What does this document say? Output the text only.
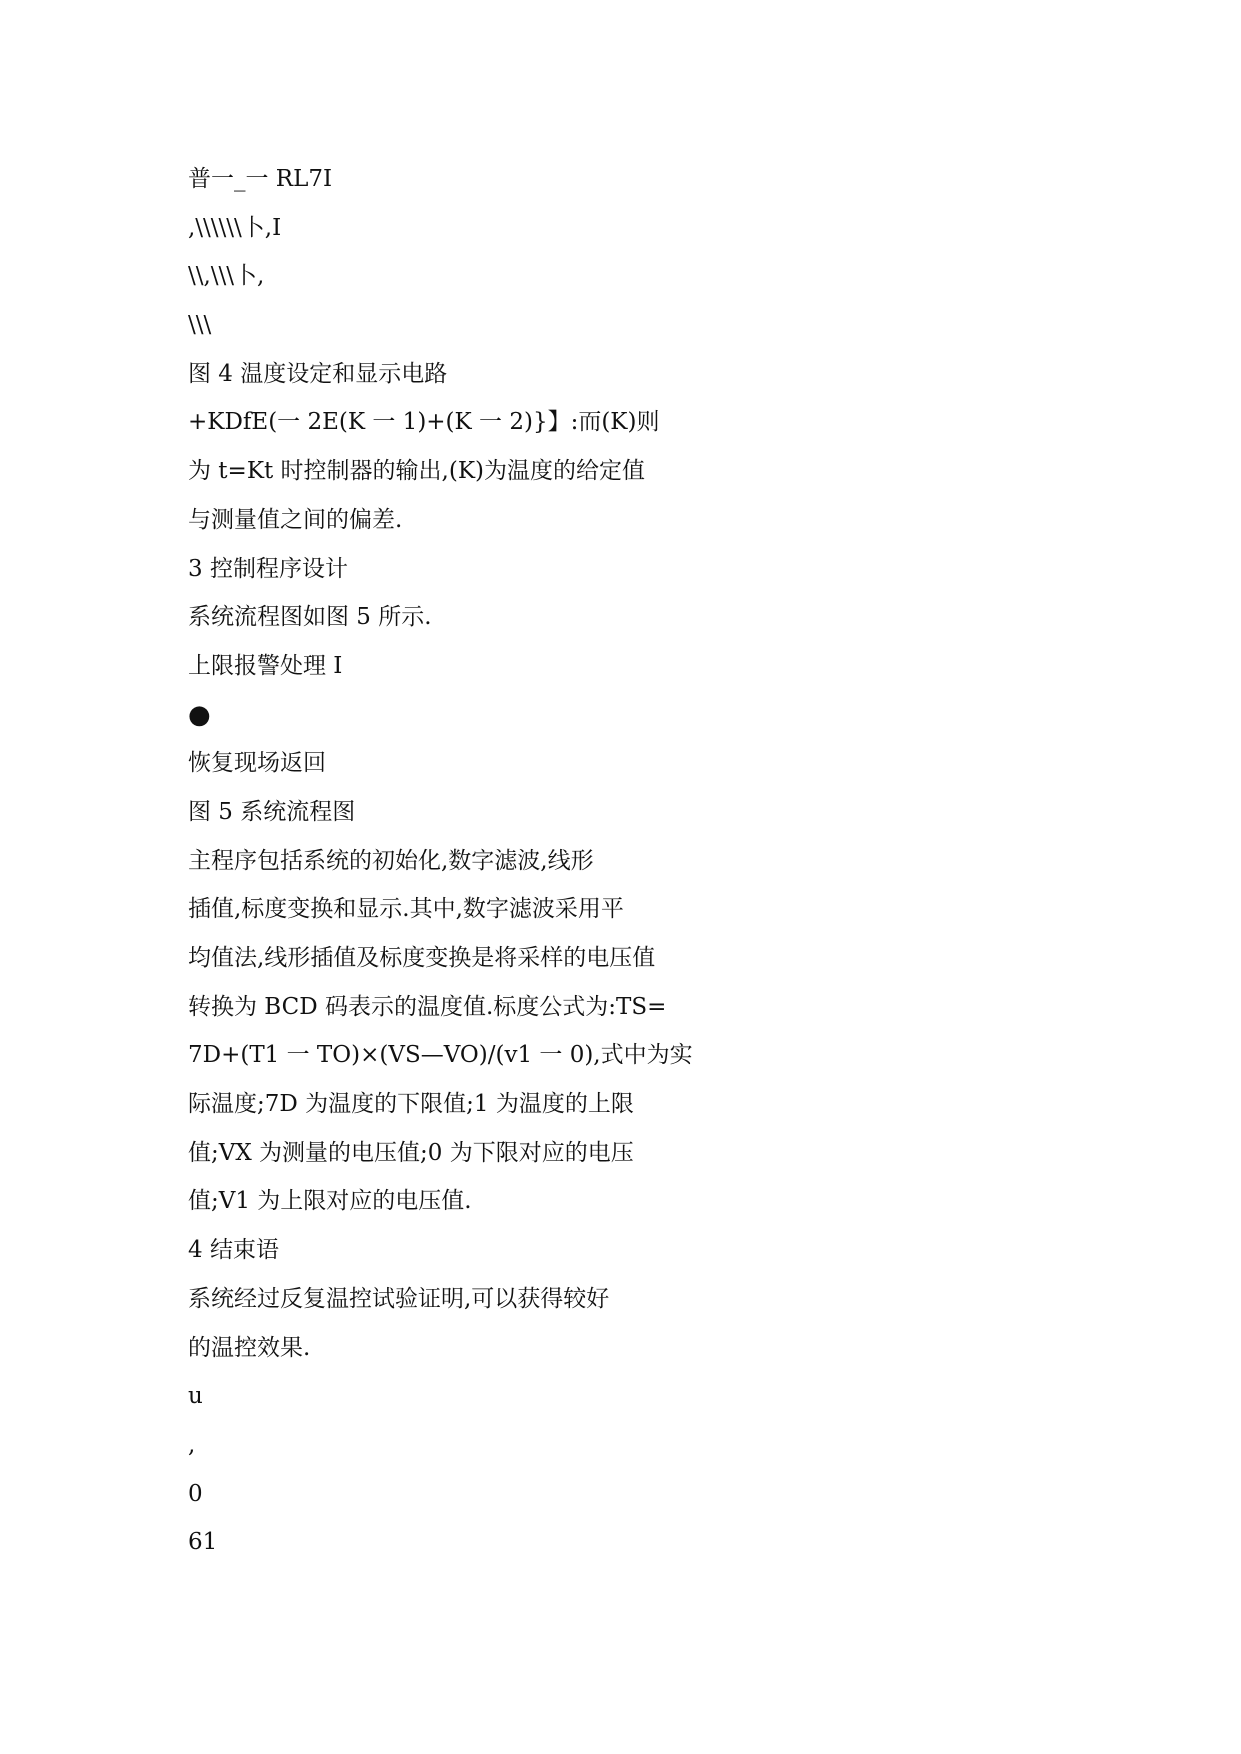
普一_一 RL7I

,\\\\\\卜,I

\\,\\\卜,

\\\

图 4 温度设定和显示电路

+KDfE(一 2E(K 一 1)+(K 一 2)}】:而(K)则

为 t=Kt 时控制器的输出,(K)为温度的给定值

与测量值之间的偏差.

3 控制程序设计

系统流程图如图 5 所示.

上限报警处理 I

●

恢复现场返回

图 5 系统流程图

主程序包括系统的初始化,数字滤波,线形

插值,标度变换和显示.其中,数字滤波采用平

均值法,线形插值及标度变换是将采样的电压值

转换为 BCD 码表示的温度值.标度公式为:TS=

7D+(T1 一 TO)×(VS—VO)/(v1 一 0),式中为实

际温度;7D 为温度的下限值;1 为温度的上限

值;VX 为测量的电压值;0 为下限对应的电压

值;V1 为上限对应的电压值.

4 结束语

系统经过反复温控试验证明,可以获得较好

的温控效果.

u

,

0

61
